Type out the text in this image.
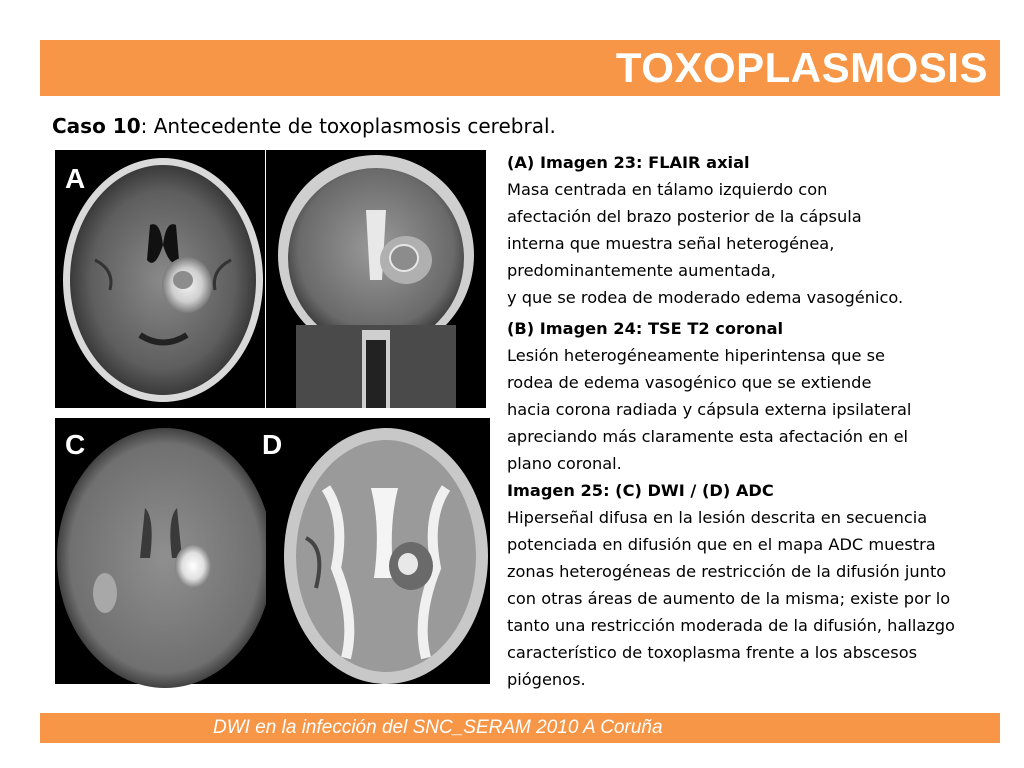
TOXOPLASMOSIS
Caso 10: Antecedente de toxoplasmosis cerebral.
A
B
C	D
(A) Imagen 23: FLAIR axial
Masa centrada en tálamo izquierdo con
afectación del brazo posterior de la cápsula
interna que muestra señal heterogénea,
predominantemente aumentada,
y que se rodea de moderado edema vasogénico.
(B) Imagen 24: TSE T2 coronal
Lesión heterogéneamente hiperintensa que se
rodea de edema vasogénico que se extiende
hacia corona radiada y cápsula externa ipsilateral
apreciando más claramente esta afectación en el
plano coronal.
Imagen 25: (C) DWI / (D) ADC
Hiperseñal difusa en la lesión descrita en secuencia
potenciada en difusión que en el mapa ADC muestra
zonas heterogéneas de restricción de la difusión junto
con otras áreas de aumento de la misma; existe por lo
tanto una restricción moderada de la difusión, hallazgo
característico de toxoplasma frente a los abscesos
piógenos.
DWI en la infección del SNC_SERAM 2010 A Coruña
